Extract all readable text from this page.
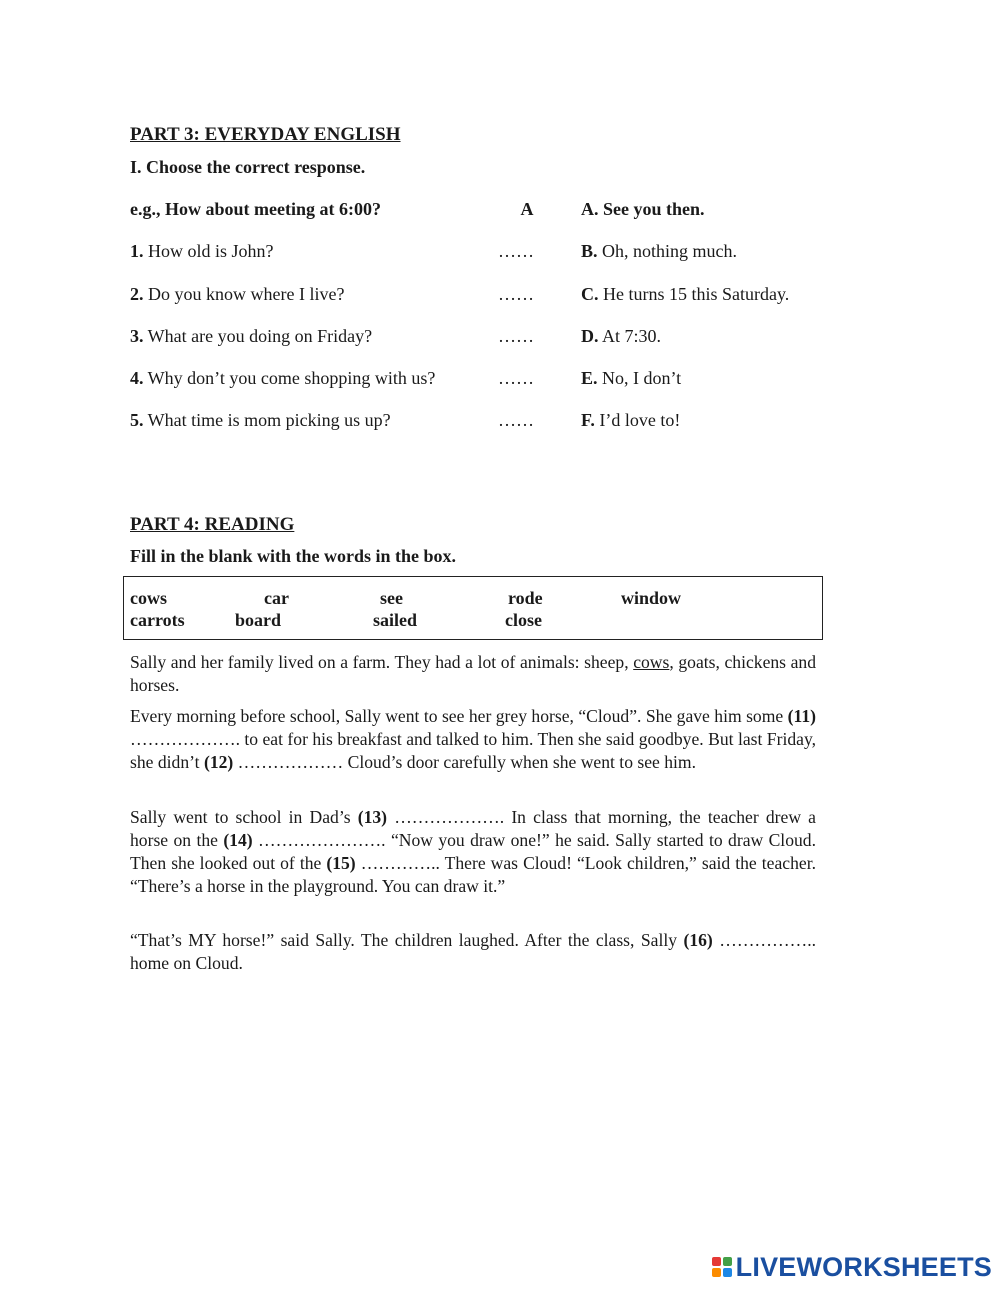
PART 3: EVERYDAY ENGLISH
I. Choose the correct response.
e.g., How about meeting at 6:00?	A	A. See you then.
1. How old is John?	……	B. Oh, nothing much.
2. Do you know where I live?	……	C. He turns 15 this Saturday.
3. What are you doing on Friday?	……	D. At 7:30.
4. Why don’t you come shopping with us?	……	E. No, I don’t
5. What time is mom picking us up?	……	F. I’d love to!
PART 4: READING
Fill in the blank with the words in the box.
cows	car	see	rode	window
carrots	board	sailed	close

Sally and her family lived on a farm. They had a lot of animals: sheep, cows, goats, chickens and horses.

Every morning before school, Sally went to see her grey horse, “Cloud”. She gave him some (11) ………………. to eat for his breakfast and talked to him. Then she said goodbye. But last Friday, she didn’t (12) ……………… Cloud’s door carefully when she went to see him.

Sally went to school in Dad’s (13) ………………. In class that morning, the teacher drew a horse on the (14) …………………. “Now you draw one!” he said. Sally started to draw Cloud. Then she looked out of the (15) ………….. There was Cloud! “Look children,” said the teacher. “There’s a horse in the playground. You can draw it.”

“That’s MY horse!” said Sally. The children laughed. After the class, Sally (16) …………….. home on Cloud.

LIVEWORKSHEETS
